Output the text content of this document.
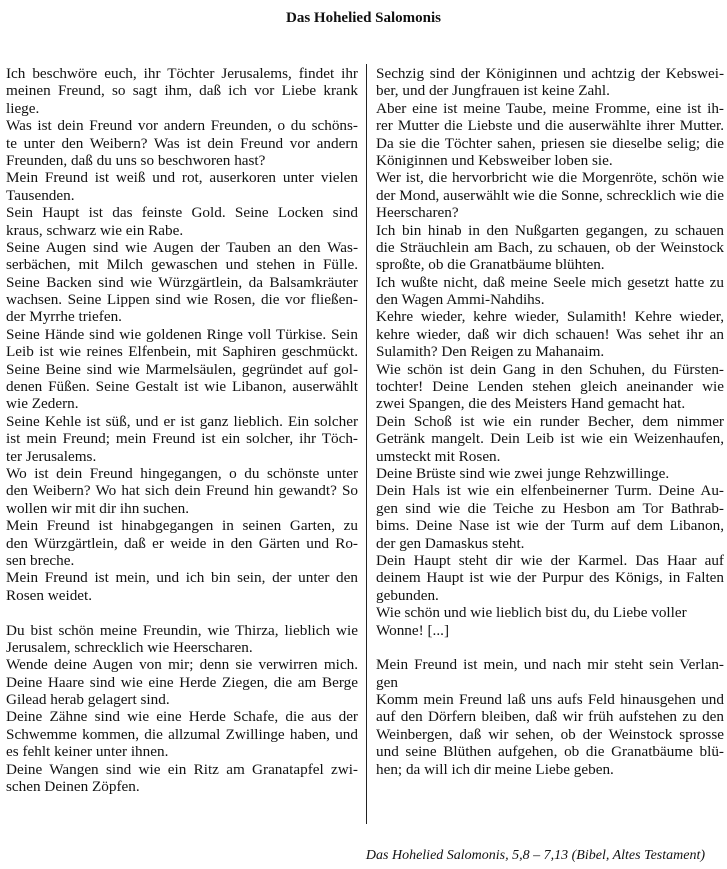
Das Hohelied Salomonis
Ich beschwöre euch, ihr Töchter Jerusalems, findet ihr
meinen Freund, so sagt ihm, daß ich vor Liebe krank
liege.
Was ist dein Freund vor andern Freunden, o du schöns-
te unter den Weibern? Was ist dein Freund vor andern
Freunden, daß du uns so beschworen hast?
Mein Freund ist weiß und rot, auserkoren unter vielen
Tausenden.
Sein Haupt ist das feinste Gold. Seine Locken sind
kraus, schwarz wie ein Rabe.
Seine Augen sind wie Augen der Tauben an den Was-
serbächen, mit Milch gewaschen und stehen in Fülle.
Seine Backen sind wie Würzgärtlein, da Balsamkräuter
wachsen. Seine Lippen sind wie Rosen, die vor fließen-
der Myrrhe triefen.
Seine Hände sind wie goldenen Ringe voll Türkise. Sein
Leib ist wie reines Elfenbein, mit Saphiren geschmückt.
Seine Beine sind wie Marmelsäulen, gegründet auf gol-
denen Füßen. Seine Gestalt ist wie Libanon, auserwählt
wie Zedern.
Seine Kehle ist süß, und er ist ganz lieblich. Ein solcher
ist mein Freund; mein Freund ist ein solcher, ihr Töch-
ter Jerusalems.
Wo ist dein Freund hingegangen, o du schönste unter
den Weibern? Wo hat sich dein Freund hin gewandt? So
wollen wir mit dir ihn suchen.
Mein Freund ist hinabgegangen in seinen Garten, zu
den Würzgärtlein, daß er weide in den Gärten und Ro-
sen breche.
Mein Freund ist mein, und ich bin sein, der unter den
Rosen weidet.
Du bist schön meine Freundin, wie Thirza, lieblich wie
Jerusalem, schrecklich wie Heerscharen.
Wende deine Augen von mir; denn sie verwirren mich.
Deine Haare sind wie eine Herde Ziegen, die am Berge
Gilead herab gelagert sind.
Deine Zähne sind wie eine Herde Schafe, die aus der
Schwemme kommen, die allzumal Zwillinge haben, und
es fehlt keiner unter ihnen.
Deine Wangen sind wie ein Ritz am Granatapfel zwi-
schen Deinen Zöpfen.
Sechzig sind der Königinnen und achtzig der Kebswei-
ber, und der Jungfrauen ist keine Zahl.
Aber eine ist meine Taube, meine Fromme, eine ist ih-
rer Mutter die Liebste und die auserwählte ihrer Mutter.
Da sie die Töchter sahen, priesen sie dieselbe selig; die
Königinnen und Kebsweiber loben sie.
Wer ist, die hervorbricht wie die Morgenröte, schön wie
der Mond, auserwählt wie die Sonne, schrecklich wie die
Heerscharen?
Ich bin hinab in den Nußgarten gegangen, zu schauen
die Sträuchlein am Bach, zu schauen, ob der Weinstock
sproßte, ob die Granatbäume blühten.
Ich wußte nicht, daß meine Seele mich gesetzt hatte zu
den Wagen Ammi-Nahdihs.
Kehre wieder, kehre wieder, Sulamith! Kehre wieder,
kehre wieder, daß wir dich schauen! Was sehet ihr an
Sulamith? Den Reigen zu Mahanaim.
Wie schön ist dein Gang in den Schuhen, du Fürsten-
tochter! Deine Lenden stehen gleich aneinander wie
zwei Spangen, die des Meisters Hand gemacht hat.
Dein Schoß ist wie ein runder Becher, dem nimmer
Getränk mangelt. Dein Leib ist wie ein Weizenhaufen,
umsteckt mit Rosen.
Deine Brüste sind wie zwei junge Rehzwillinge.
Dein Hals ist wie ein elfenbeinerner Turm. Deine Au-
gen sind wie die Teiche zu Hesbon am Tor Bathrab-
bims. Deine Nase ist wie der Turm auf dem Libanon,
der gen Damaskus steht.
Dein Haupt steht dir wie der Karmel. Das Haar auf
deinem Haupt ist wie der Purpur des Königs, in Falten
gebunden.
Wie schön und wie lieblich bist du, du Liebe voller
Wonne! [...]
Mein Freund ist mein, und nach mir steht sein Verlan-
gen
Komm mein Freund laß uns aufs Feld hinausgehen und
auf den Dörfern bleiben, daß wir früh aufstehen zu den
Weinbergen, daß wir sehen, ob der Weinstock sprosse
und seine Blüthen aufgehen, ob die Granatbäume blü-
hen; da will ich dir meine Liebe geben.
Das Hohelied Salomonis, 5,8 – 7,13 (Bibel, Altes Testament)
